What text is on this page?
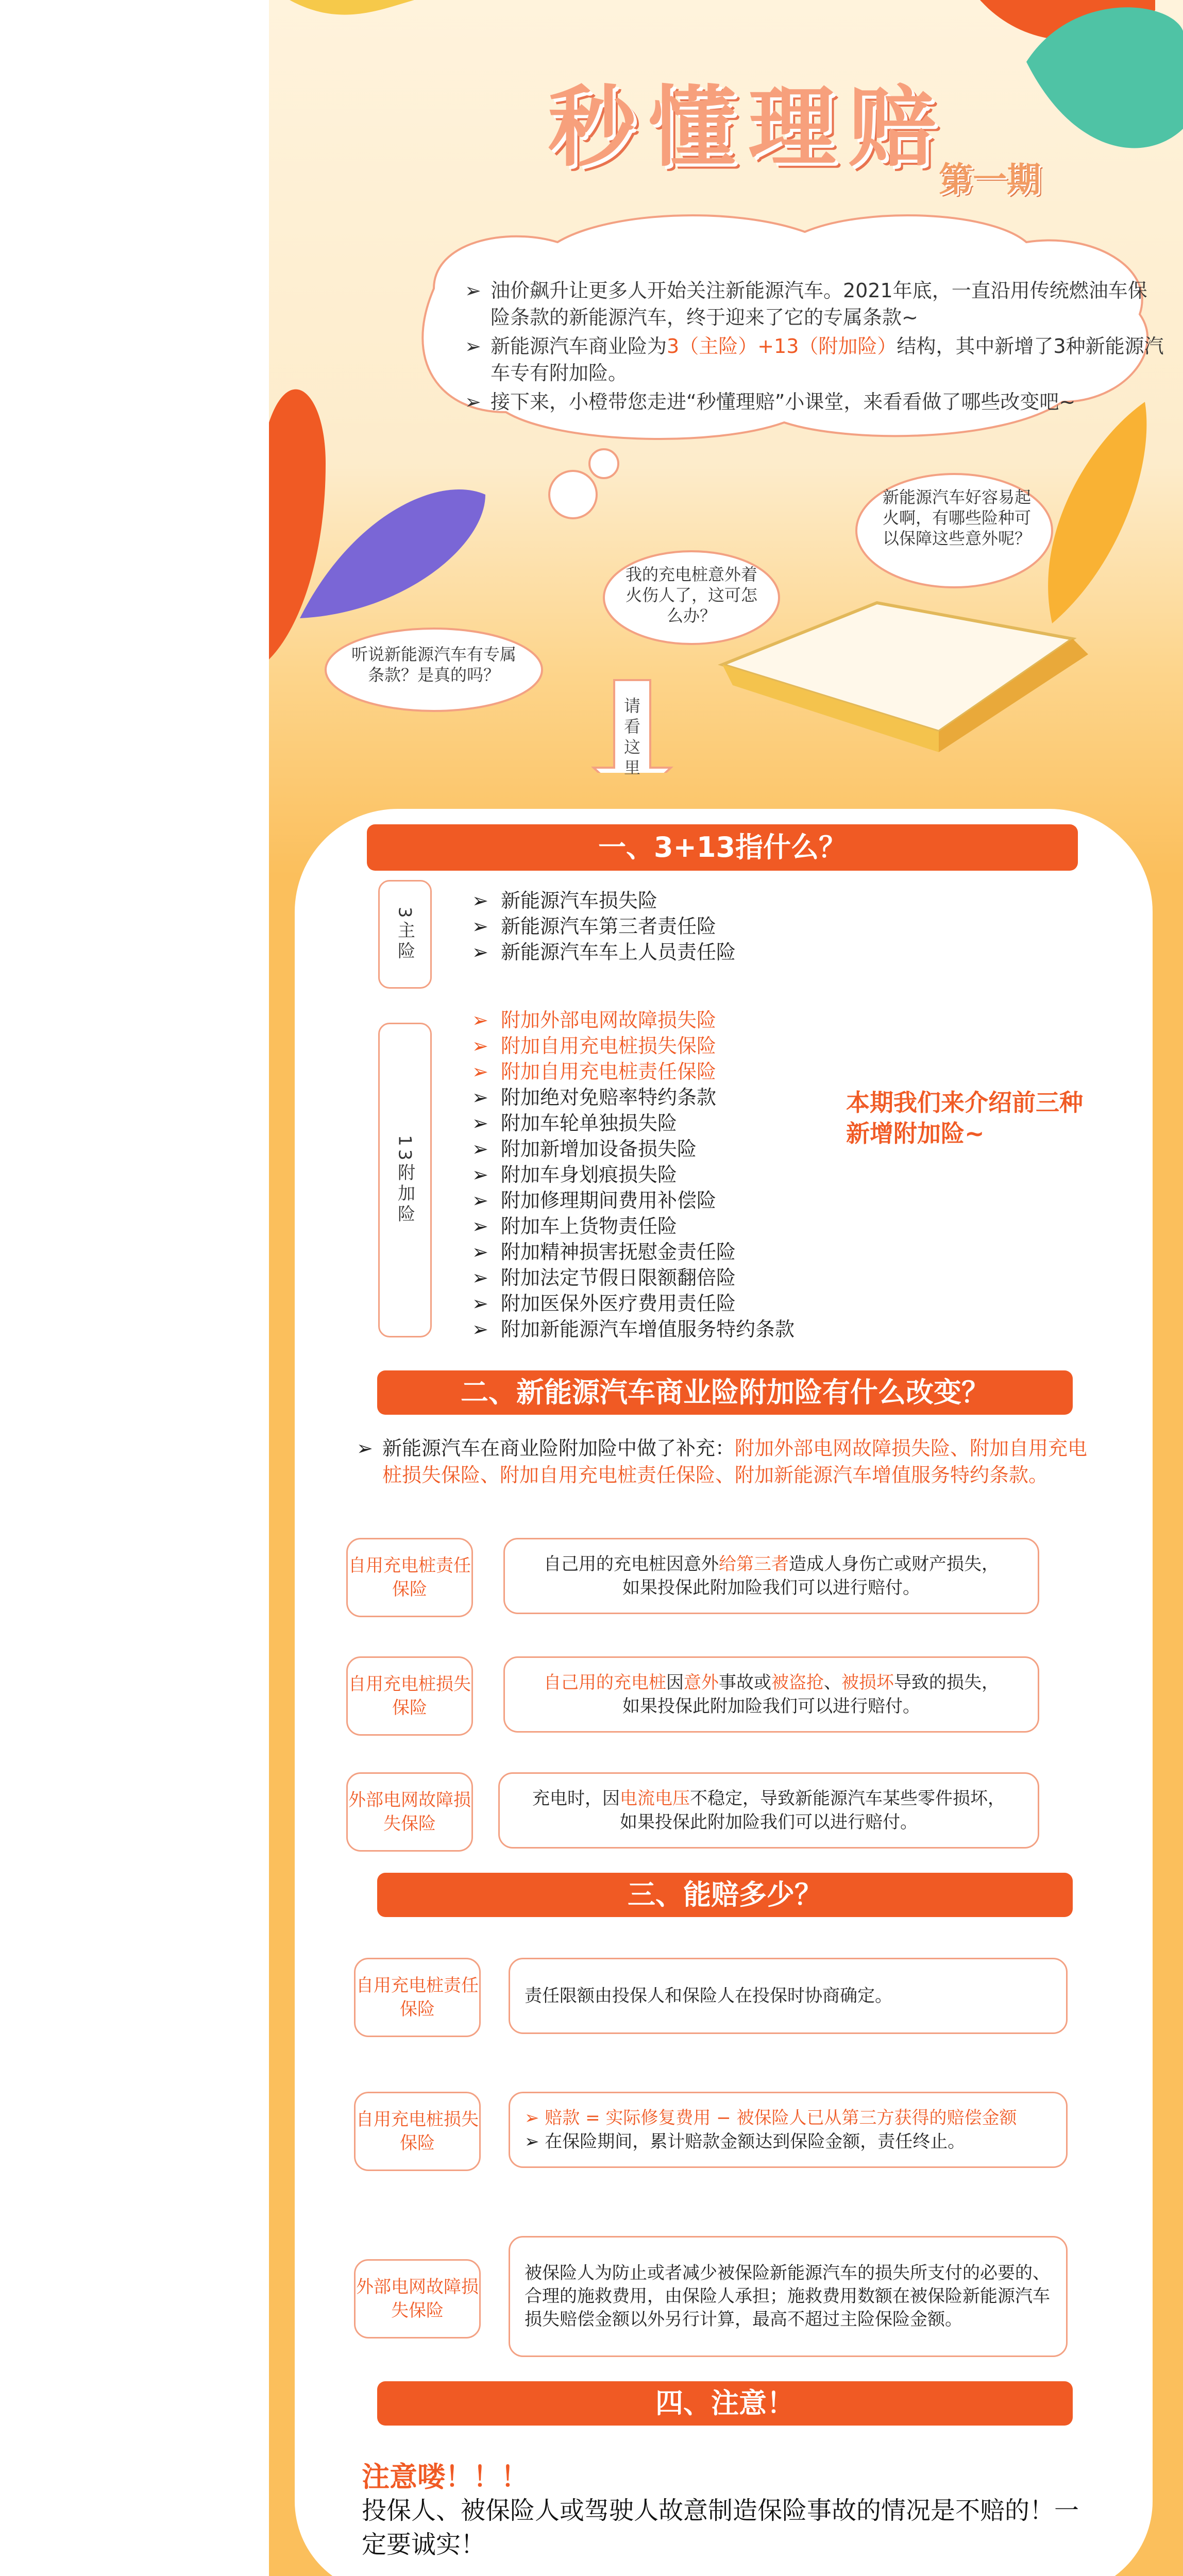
秒懂理赔
第一期
➢ 油价飙升让更多人开始关注新能源汽车。2021年底，一直沿用传统燃油车保险条款的新能源汽车，终于迎来了它的专属条款~
➢ 新能源汽车商业险为3（主险）+13（附加险）结构，其中新增了3种新能源汽车专有附加险。
➢ 接下来，小橙带您走进“秒懂理赔”小课堂，来看看做了哪些改变吧~
听说新能源汽车有专属条款？是真的吗？
我的充电桩意外着火伤人了，这可怎么办？
新能源汽车好容易起火啊，有哪些险种可以保障这些意外呢？
请看这里
一、3+13指什么？
3主险
➢ 新能源汽车损失险
➢ 新能源汽车第三者责任险
➢ 新能源汽车车上人员责任险
13附加险
➢ 附加外部电网故障损失险
➢ 附加自用充电桩损失保险
➢ 附加自用充电桩责任保险
➢ 附加绝对免赔率特约条款
➢ 附加车轮单独损失险
➢ 附加新增加设备损失险
➢ 附加车身划痕损失险
➢ 附加修理期间费用补偿险
➢ 附加车上货物责任险
➢ 附加精神损害抚慰金责任险
➢ 附加法定节假日限额翻倍险
➢ 附加医保外医疗费用责任险
➢ 附加新能源汽车增值服务特约条款
本期我们来介绍前三种
新增附加险~
二、新能源汽车商业险附加险有什么改变？
➢ 新能源汽车在商业险附加险中做了补充：附加外部电网故障损失险、附加自用充电桩损失保险、附加自用充电桩责任保险、附加新能源汽车增值服务特约条款。
自用充电桩责任保险
自己用的充电桩因意外给第三者造成人身伤亡或财产损失，
如果投保此附加险我们可以进行赔付。
自用充电桩损失保险
自己用的充电桩因意外事故或被盗抢、被损坏导致的损失，
如果投保此附加险我们可以进行赔付。
外部电网故障损失保险
充电时，因电流电压不稳定，导致新能源汽车某些零件损坏，
如果投保此附加险我们可以进行赔付。
三、能赔多少？
自用充电桩责任保险
责任限额由投保人和保险人在投保时协商确定。
自用充电桩损失保险
➢ 赔款 = 实际修复费用 − 被保险人已从第三方获得的赔偿金额
➢ 在保险期间，累计赔款金额达到保险金额，责任终止。
外部电网故障损失保险
被保险人为防止或者减少被保险新能源汽车的损失所支付的必要的、合理的施救费用，由保险人承担；施救费用数额在被保险新能源汽车损失赔偿金额以外另行计算，最高不超过主险保险金额。
四、注意！
注意喽！！！
投保人、被保险人或驾驶人故意制造保险事故的情况是不赔的！一定要诚实！
